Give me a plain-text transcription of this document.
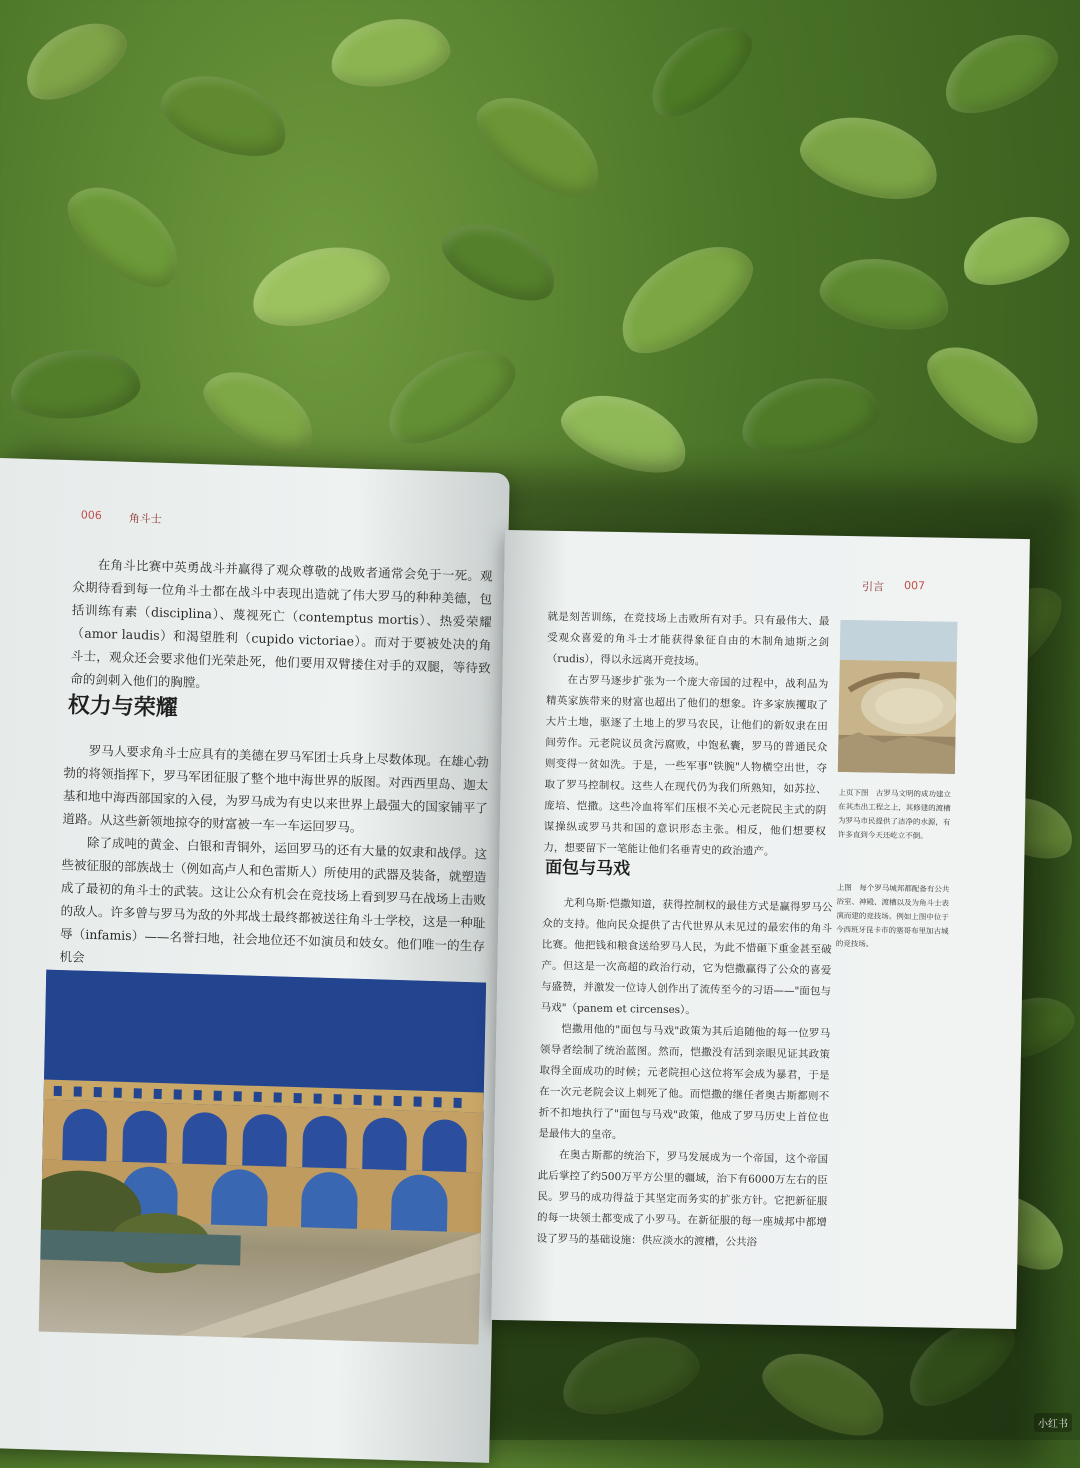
006 角斗士

在角斗比赛中英勇战斗并赢得了观众尊敬的战败者通常会免于一死。观众期待看到每一位角斗士都在战斗中表现出造就了伟大罗马的种种美德，包括训练有素（disciplina）、蔑视死亡（contemptus mortis）、热爱荣耀（amor laudis）和渴望胜利（cupido victoriae）。而对于要被处决的角斗士，观众还会要求他们光荣赴死，他们要用双臂搂住对手的双腿，等待致命的剑刺入他们的胸膛。

权力与荣耀

罗马人要求角斗士应具有的美德在罗马军团士兵身上尽数体现。在雄心勃勃的将领指挥下，罗马军团征服了整个地中海世界的版图。对西西里岛、迦太基和地中海西部国家的入侵，为罗马成为有史以来世界上最强大的国家铺平了道路。从这些新领地掠夺的财富被一车一车运回罗马。

除了成吨的黄金、白银和青铜外，运回罗马的还有大量的奴隶和战俘。这些被征服的部族战士（例如高卢人和色雷斯人）所使用的武器及装备，就塑造成了最初的角斗士的武装。这让公众有机会在竞技场上看到罗马在战场上击败的敌人。许多曾与罗马为敌的外邦战士最终都被送往角斗士学校，这是一种耻辱（infamis）——名誉扫地，社会地位还不如演员和妓女。他们唯一的生存机会

引言 007

就是刻苦训练，在竞技场上击败所有对手。只有最伟大、最受观众喜爱的角斗士才能获得象征自由的木制角迪斯之剑（rudis），得以永远离开竞技场。

在古罗马逐步扩张为一个庞大帝国的过程中，战利品为精英家族带来的财富也超出了他们的想象。许多家族攫取了大片土地，驱逐了土地上的罗马农民，让他们的新奴隶在田间劳作。元老院议员贪污腐败，中饱私囊，罗马的普通民众则变得一贫如洗。于是，一些军事"铁腕"人物横空出世，夺取了罗马控制权。这些人在现代仍为我们所熟知，如苏拉、庞培、恺撒。这些冷血将军们压根不关心元老院民主式的阴谋操纵或罗马共和国的意识形态主张。相反，他们想要权力，想要留下一笔能让他们名垂青史的政治遗产。

面包与马戏

尤利乌斯·恺撒知道，获得控制权的最佳方式是赢得罗马公众的支持。他向民众提供了古代世界从未见过的最宏伟的角斗比赛。他把钱和粮食送给罗马人民，为此不惜砸下重金甚至破产。但这是一次高超的政治行动，它为恺撒赢得了公众的喜爱与盛赞，并激发一位诗人创作出了流传至今的习语——"面包与马戏"（panem et circenses）。

恺撒用他的"面包与马戏"政策为其后追随他的每一位罗马领导者绘制了统治蓝图。然而，恺撒没有活到亲眼见证其政策取得全面成功的时候；元老院担心这位将军会成为暴君，于是在一次元老院会议上刺死了他。而恺撒的继任者奥古斯都则不折不扣地执行了"面包与马戏"政策，他成了罗马历史上首位也是最伟大的皇帝。

在奥古斯都的统治下，罗马发展成为一个帝国，这个帝国此后掌控了约500万平方公里的疆域，治下有6000万左右的臣民。罗马的成功得益于其坚定而务实的扩张方针。它把新征服的每一块领土都变成了小罗马。在新征服的每一座城邦中都增设了罗马的基础设施：供应淡水的渡槽，公共浴

上页下图　古罗马文明的成功建立在其杰出工程之上，其修建的渡槽为罗马市民提供了洁净的水源，有许多直到今天还屹立不倒。
上图　每个罗马城邦都配备有公共浴室、神殿、渡槽以及为角斗士表演而建的竞技场。例如上图中位于今西班牙昆卡市的塞哥布里加古城的竞技场。
小红书
